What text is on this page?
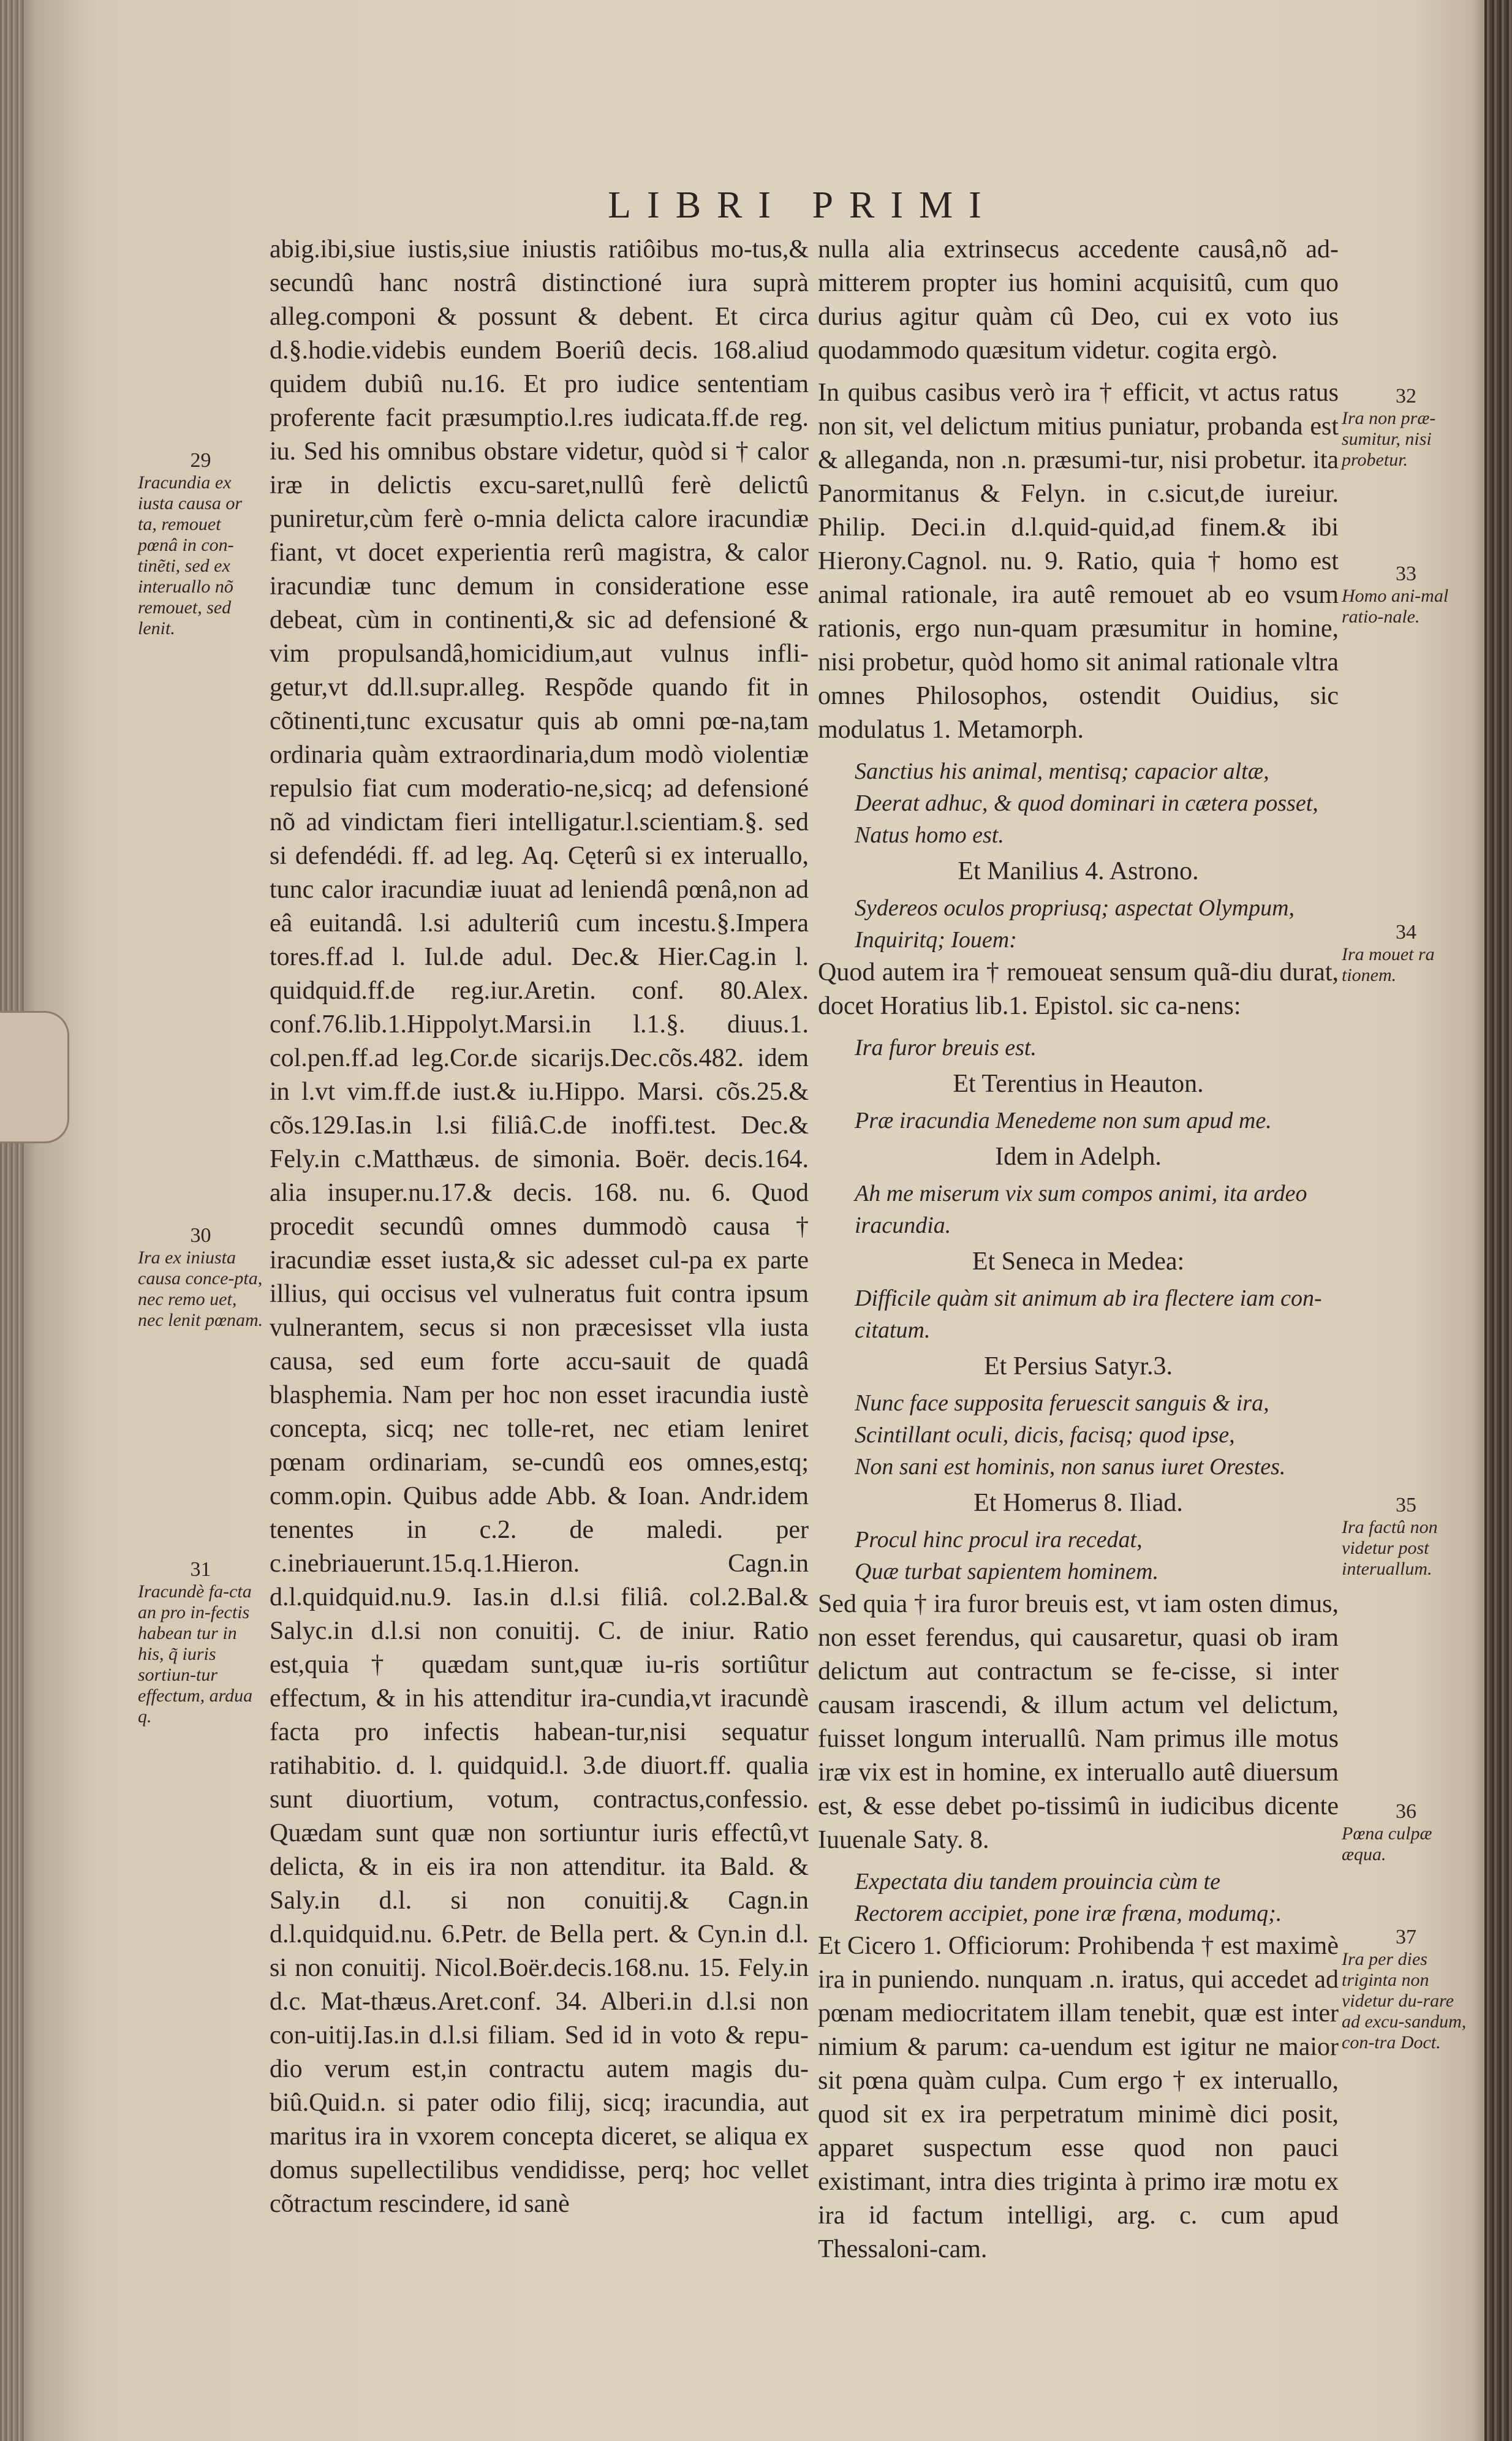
LIBRI PRIMI

abig.ibi,siue iustis,siue iniustis ratiôibus mo-tus,& secundû hanc nostrâ distinctioné iura suprà alleg.componi & possunt & debent. Et circa d.§.hodie.videbis eundem Boeriû decis. 168.aliud quidem dubiû nu.16. Et pro iudice sententiam proferente facit præsumptio.l.res iudicata.ff.de reg. iu. Sed his omnibus obstare videtur, quòd si † calor iræ in delictis excu-saret,nullû ferè delictû puniretur,cùm ferè o-mnia delicta calore iracundiæ fiant, vt docet experientia rerû magistra, & calor iracundiæ tunc demum in consideratione esse debeat, cùm in continenti,& sic ad defensioné & vim propulsandâ,homicidium,aut vulnus infli-getur,vt dd.ll.supr.alleg. Respõde quando fit in cõtinenti,tunc excusatur quis ab omni pœ-na,tam ordinaria quàm extraordinaria,dum modò violentiæ repulsio fiat cum moderatio-ne,sicq; ad defensioné nõ ad vindictam fieri intelligatur.l.scientiam.§. sed si defendédi. ff. ad leg. Aq. Cęterû si ex interuallo, tunc calor iracundiæ iuuat ad leniendâ pœnâ,non ad eâ euitandâ. l.si adulteriû cum incestu.§.Impera tores.ff.ad l. Iul.de adul. Dec.& Hier.Cag.in l. quidquid.ff.de reg.iur.Aretin. conf. 80.Alex. conf.76.lib.1.Hippolyt.Marsi.in l.1.§. diuus.1. col.pen.ff.ad leg.Cor.de sicarijs.Dec.cõs.482. idem in l.vt vim.ff.de iust.& iu.Hippo. Marsi. cõs.25.& cõs.129.Ias.in l.si filiâ.C.de inoffi.test. Dec.& Fely.in c.Matthæus. de simonia. Boër. decis.164. alia insuper.nu.17.& decis. 168. nu. 6. Quod procedit secundû omnes dummodò causa † iracundiæ esset iusta,& sic adesset cul-pa ex parte illius, qui occisus vel vulneratus fuit contra ipsum vulnerantem, secus si non præcesisset vlla iusta causa, sed eum forte accu-sauit de quadâ blasphemia. Nam per hoc non esset iracundia iustè concepta, sicq; nec tolle-ret, nec etiam leniret pœnam ordinariam, se-cundû eos omnes,estq; comm.opin. Quibus adde Abb. & Ioan. Andr.idem tenentes in c.2. de maledi. per c.inebriauerunt.15.q.1.Hieron. Cagn.in d.l.quidquid.nu.9. Ias.in d.l.si filiâ. col.2.Bal.& Salyc.in d.l.si non conuitij. C. de iniur. Ratio est,quia † quædam sunt,quæ iu-ris sortiûtur effectum, & in his attenditur ira-cundia,vt iracundè facta pro infectis habean-tur,nisi sequatur ratihabitio. d. l. quidquid.l. 3.de diuort.ff. qualia sunt diuortium, votum, contractus,confessio. Quædam sunt quæ non sortiuntur iuris effectû,vt delicta, & in eis ira non attenditur. ita Bald. & Saly.in d.l. si non conuitij.& Cagn.in d.l.quidquid.nu. 6.Petr. de Bella pert. & Cyn.in d.l. si non conuitij. Nicol.Boër.decis.168.nu. 15. Fely.in d.c. Mat-thæus.Aret.conf. 34. Alberi.in d.l.si non con-uitij.Ias.in d.l.si filiam. Sed id in voto & repu-dio verum est,in contractu autem magis du-biû.Quid.n. si pater odio filij, sicq; iracundia, aut maritus ira in vxorem concepta diceret, se aliqua ex domus supellectilibus vendidisse, perq; hoc vellet cõtractum rescindere, id sanè

nulla alia extrinsecus accedente causâ,nõ ad-mitterem propter ius homini acquisitû, cum quo durius agitur quàm cû Deo, cui ex voto ius quodammodo quæsitum videtur. cogita ergò.

In quibus casibus verò ira † efficit, vt actus ratus non sit, vel delictum mitius puniatur, probanda est & alleganda, non .n. præsumi-tur, nisi probetur. ita Panormitanus & Felyn. in c.sicut,de iureiur. Philip. Deci.in d.l.quid-quid,ad finem.& ibi Hierony.Cagnol. nu. 9. Ratio, quia † homo est animal rationale, ira autê remouet ab eo vsum rationis, ergo nun-quam præsumitur in homine, nisi probetur, quòd homo sit animal rationale vltra omnes Philosophos, ostendit Ouidius, sic modulatus 1. Metamorph.

Sanctius his animal, mentisq; capacior altæ,

Deerat adhuc, & quod dominari in cætera posset,

Natus homo est.

Et Manilius 4. Astrono.

Sydereos oculos propriusq; aspectat Olympum,

Inquiritq; Iouem:

Quod autem ira † remoueat sensum quã-diu durat, docet Horatius lib.1. Epistol. sic ca-nens:

Ira furor breuis est.

Et Terentius in Heauton.

Præ iracundia Menedeme non sum apud me.

Idem in Adelph.

Ah me miserum vix sum compos animi, ita ardeo

iracundia.

Et Seneca in Medea:

Difficile quàm sit animum ab ira flectere iam con-

citatum.

Et Persius Satyr.3.

Nunc face supposita feruescit sanguis & ira,

Scintillant oculi, dicis, facisq; quod ipse,

Non sani est hominis, non sanus iuret Orestes.

Et Homerus 8. Iliad.

Procul hinc procul ira recedat,

Quæ turbat sapientem hominem.

Sed quia † ira furor breuis est, vt iam osten dimus, non esset ferendus, qui causaretur, quasi ob iram delictum aut contractum se fe-cisse, si inter causam irascendi, & illum actum vel delictum, fuisset longum interuallû. Nam primus ille motus iræ vix est in homine, ex interuallo autê diuersum est, & esse debet po-tissimû in iudicibus dicente Iuuenale Saty. 8.

Expectata diu tandem prouincia cùm te

Rectorem accipiet, pone iræ fræna, modumq;.

Et Cicero 1. Officiorum: Prohibenda † est maximè ira in puniendo. nunquam .n. iratus, qui accedet ad pœnam mediocritatem illam tenebit, quæ est inter nimium & parum: ca-uendum est igitur ne maior sit pœna quàm culpa. Cum ergo † ex interuallo, quod sit ex ira perpetratum minimè dici posit, apparet suspectum esse quod non pauci existimant, intra dies triginta à primo iræ motu ex ira id factum intelligi, arg. c. cum apud Thessaloni-cam.

29
Iracundia ex iusta causa or ta, remouet pœnâ in con-tinẽti, sed ex interuallo nõ remouet, sed lenit.
30
Ira ex iniusta causa conce-pta, nec remo uet, nec lenit pœnam.
31
Iracundè fa-cta an pro in-fectis habean tur in his, q̃ iuris sortiun-tur effectum, ardua q.
32
Ira non præ-sumitur, nisi probetur.
33
Homo ani-mal ratio-nale.
34
Ira mouet ra tionem.
35
Ira factû non videtur post interuallum.
36
Pœna culpæ æqua.
37
Ira per dies triginta non videtur du-rare ad excu-sandum, con-tra Doct.
